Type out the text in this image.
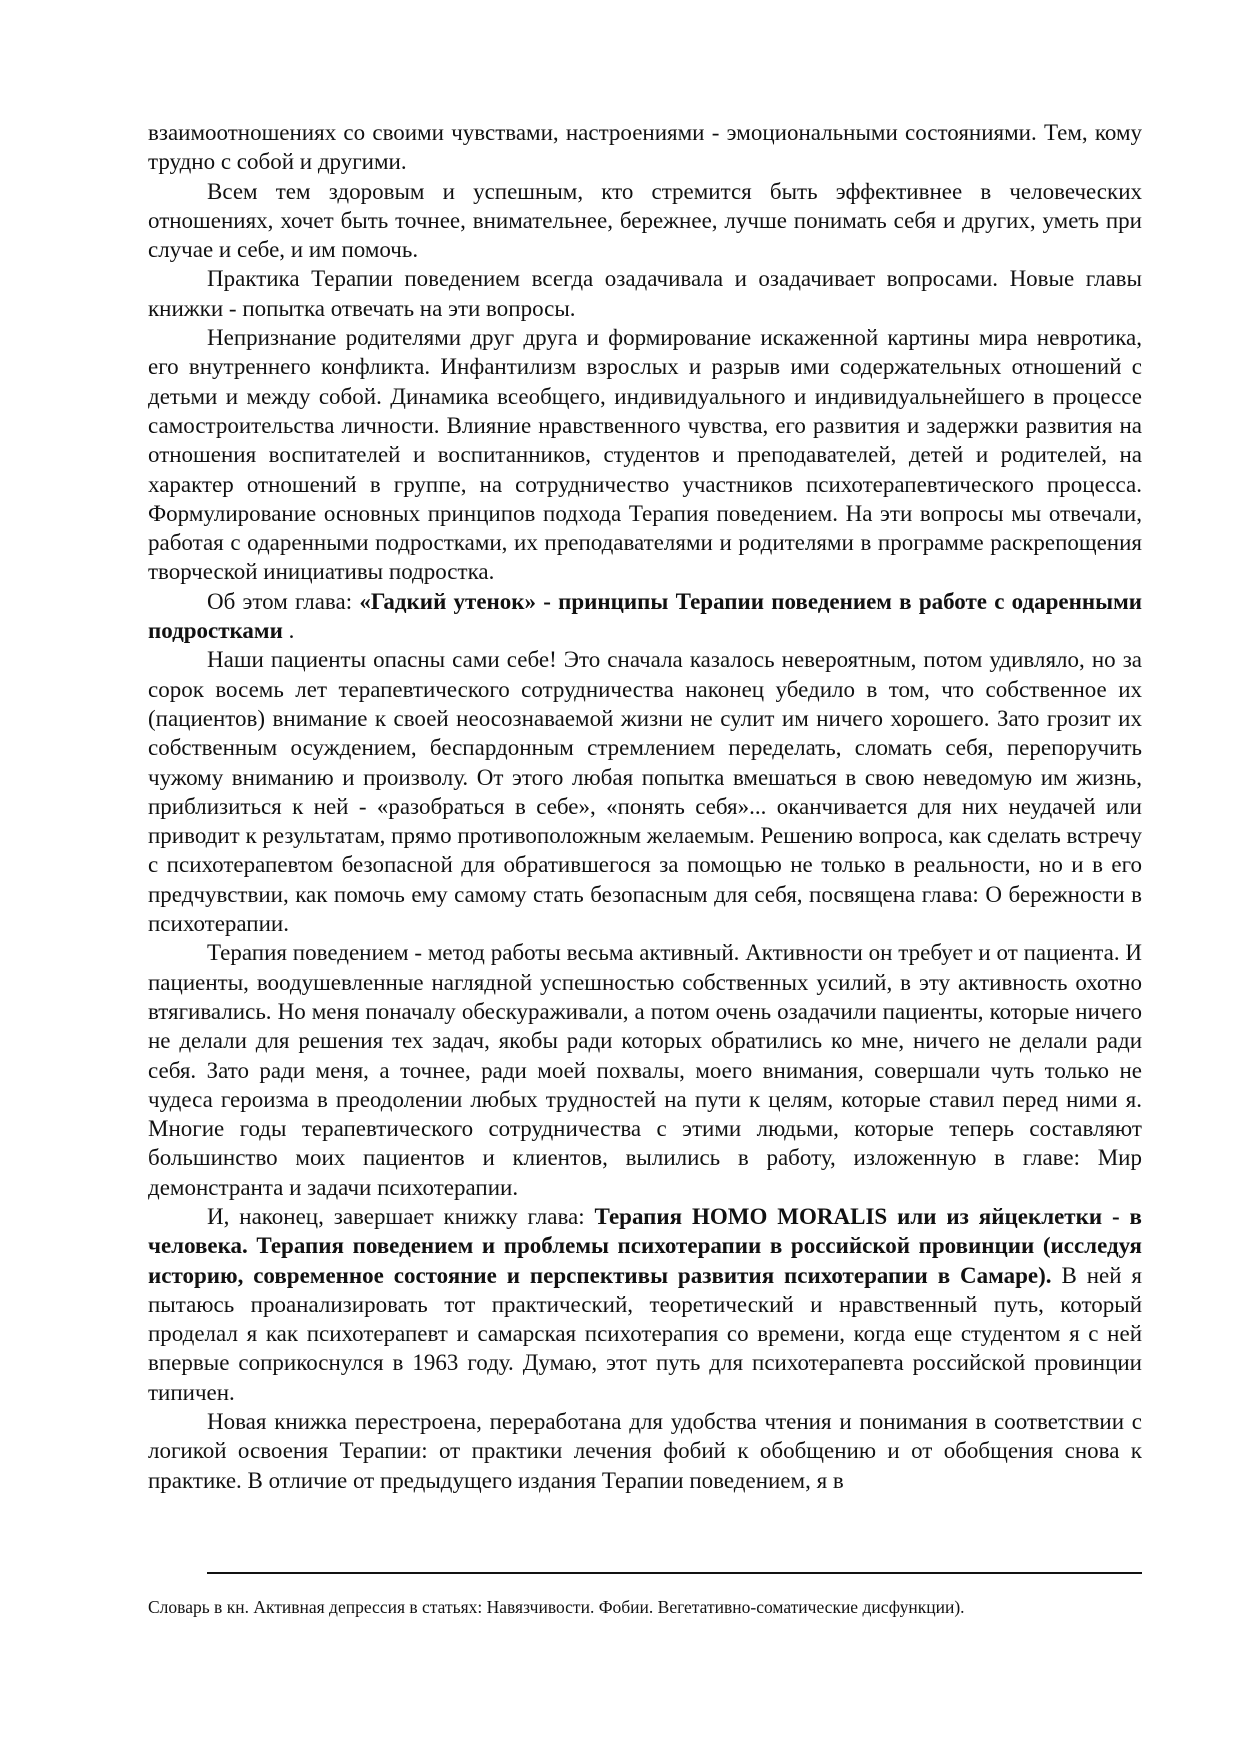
взаимоотношениях со своими чувствами, настроениями - эмоциональными состояниями. Тем, кому трудно с собой и другими.

Всем тем здоровым и успешным, кто стремится быть эффективнее в человеческих отношениях, хочет быть точнее, внимательнее, бережнее, лучше понимать себя и других, уметь при случае и себе, и им помочь.

Практика Терапии поведением всегда озадачивала и озадачивает вопросами. Новые главы книжки - попытка отвечать на эти вопросы.

Непризнание родителями друг друга и формирование искаженной картины мира невротика, его внутреннего конфликта. Инфантилизм взрослых и разрыв ими содержательных отношений с детьми и между собой. Динамика всеобщего, индивидуального и индивидуальнейшего в процессе самостроительства личности. Влияние нравственного чувства, его развития и задержки развития на отношения воспитателей и воспитанников, студентов и преподавателей, детей и родителей, на характер отношений в группе, на сотрудничество участников психотерапевтического процесса. Формулирование основных принципов подхода Терапия поведением. На эти вопросы мы отвечали, работая с одаренными подростками, их преподавателями и родителями в программе раскрепощения творческой инициативы подростка.

Об этом глава: «Гадкий утенок» - принципы Терапии поведением в работе с одаренными подростками .

Наши пациенты опасны сами себе! Это сначала казалось невероятным, потом удивляло, но за сорок восемь лет терапевтического сотрудничества наконец убедило в том, что собственное их (пациентов) внимание к своей неосознаваемой жизни не сулит им ничего хорошего. Зато грозит их собственным осуждением, беспардонным стремлением переделать, сломать себя, перепоручить чужому вниманию и произволу. От этого любая попытка вмешаться в свою неведомую им жизнь, приблизиться к ней - «разобраться в себе», «понять себя»... оканчивается для них неудачей или приводит к результатам, прямо противоположным желаемым. Решению вопроса, как сделать встречу с психотерапевтом безопасной для обратившегося за помощью не только в реальности, но и в его предчувствии, как помочь ему самому стать безопасным для себя, посвящена глава: О бережности в психотерапии.

Терапия поведением - метод работы весьма активный. Активности он требует и от пациента. И пациенты, воодушевленные наглядной успешностью собственных усилий, в эту активность охотно втягивались. Но меня поначалу обескураживали, а потом очень озадачили пациенты, которые ничего не делали для решения тех задач, якобы ради которых обратились ко мне, ничего не делали ради себя. Зато ради меня, а точнее, ради моей похвалы, моего внимания, совершали чуть только не чудеса героизма в преодолении любых трудностей на пути к целям, которые ставил перед ними я. Многие годы терапевтического сотрудничества с этими людьми, которые теперь составляют большинство моих пациентов и клиентов, вылились в работу, изложенную в главе: Мир демонстранта и задачи психотерапии.

И, наконец, завершает книжку глава: Терапия HOMO MORALIS или из яйцеклетки - в человека. Терапия поведением и проблемы психотерапии в российской провинции (исследуя историю, современное состояние и перспективы развития психотерапии в Самаре). В ней я пытаюсь проанализировать тот практический, теоретический и нравственный путь, который проделал я как психотерапевт и самарская психотерапия со времени, когда еще студентом я с ней впервые соприкоснулся в 1963 году. Думаю, этот путь для психотерапевта российской провинции типичен.

Новая книжка перестроена, переработана для удобства чтения и понимания в соответствии с логикой освоения Терапии: от практики лечения фобий к обобщению и от обобщения снова к практике. В отличие от предыдущего издания Терапии поведением, я в

Словарь в кн. Активная депрессия в статьях: Навязчивости. Фобии. Вегетативно-соматические дисфункции).
